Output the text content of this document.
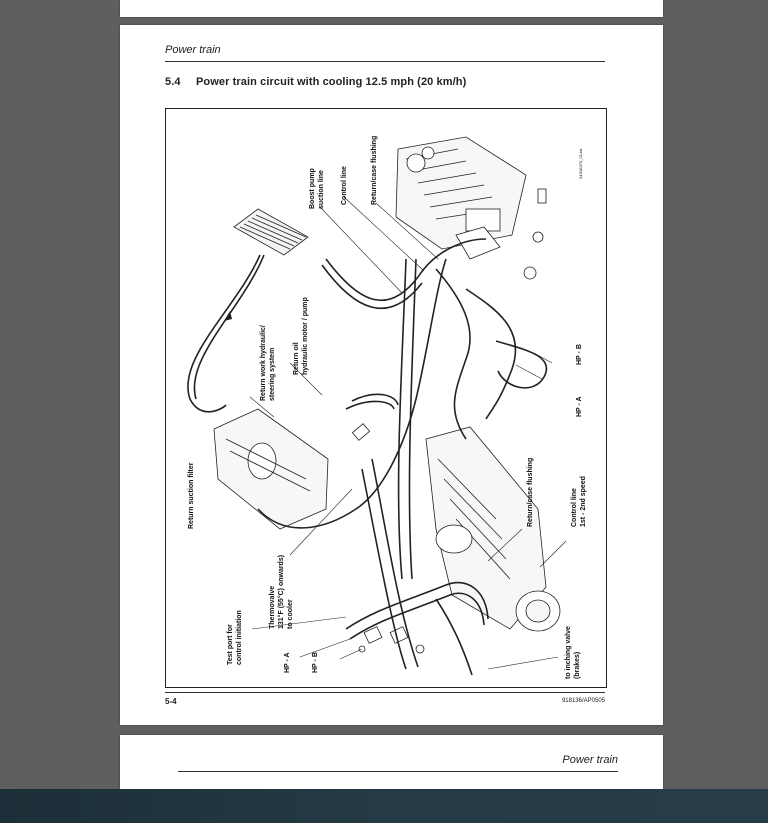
Power train
5.4 Power train circuit with cooling 12.5 mph (20 km/h)
3430A070_01.txt
Boost pump suction line Control line	Return/case flushing
Return work hydraulic/ steering system Return oil hydraulic motor / pump
Return suction filter
HP - B
HP - A
Return/case flushing	Control line 1st - 2nd speed
Thermovalve 131°F (55°C) onwards) to cooler
Test port for control initiation	HP - A	HP - B	to inching valve (brakes)
5-4	918136/AP0505
Power train
